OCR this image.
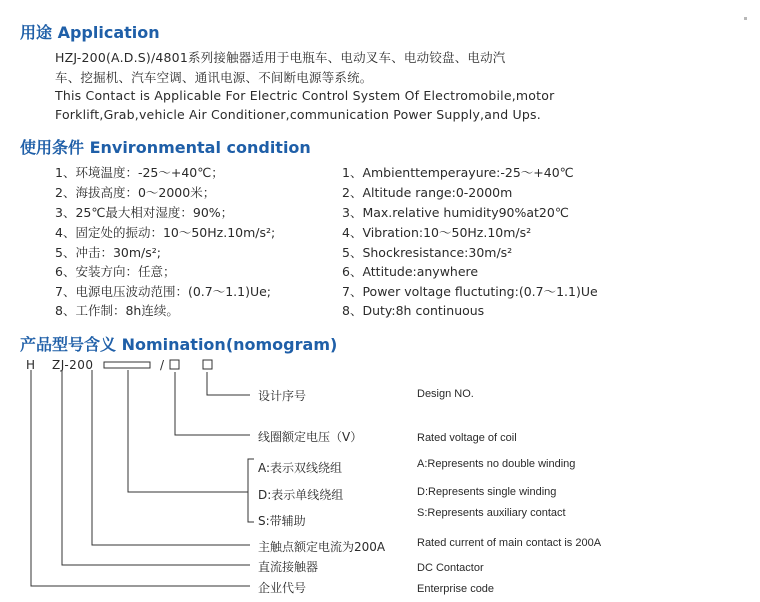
用途 Application
HZJ-200(A.D.S)/4801系列接触器适用于电瓶车、电动叉车、电动铰盘、电动汽
车、挖掘机、汽车空调、通讯电源、不间断电源等系统。
This Contact is Applicable For Electric Control System Of Electromobile,motor
Forklift,Grab,vehicle Air Conditioner,communication Power Supply,and Ups.
使用条件 Environmental condition
1、环境温度：-25～+40℃；
2、海拔高度：0～2000米；
3、25℃最大相对湿度：90%；
4、固定处的振动：10～50Hz.10m/s²;
5、冲击：30m/s²;
6、安装方向：任意；
7、电源电压波动范围：(0.7～1.1)Ue;
8、工作制：8h连续。
1、Ambienttemperayure:-25～+40℃
2、Altitude range:0-2000m
3、Max.relative humidity90%at20℃
4、Vibration:10～50Hz.10m/s²
5、Shockresistance:30m/s²
6、Attitude:anywhere
7、Power voltage fluctuting:(0.7～1.1)Ue
8、Duty:8h continuous
产品型号含义 Nomination(nomogram)
H ZJ-200	/
设计序号
线圈额定电压（V）
A:表示双线绕组
D:表示单线绕组
S:带辅助
主触点额定电流为200A
直流接触器
企业代号
Design NO.
Rated voltage of coil
A:Represents no double winding
D:Represents single winding
S:Represents auxiliary contact
Rated current of main contact is 200A
DC Contactor
Enterprise code
